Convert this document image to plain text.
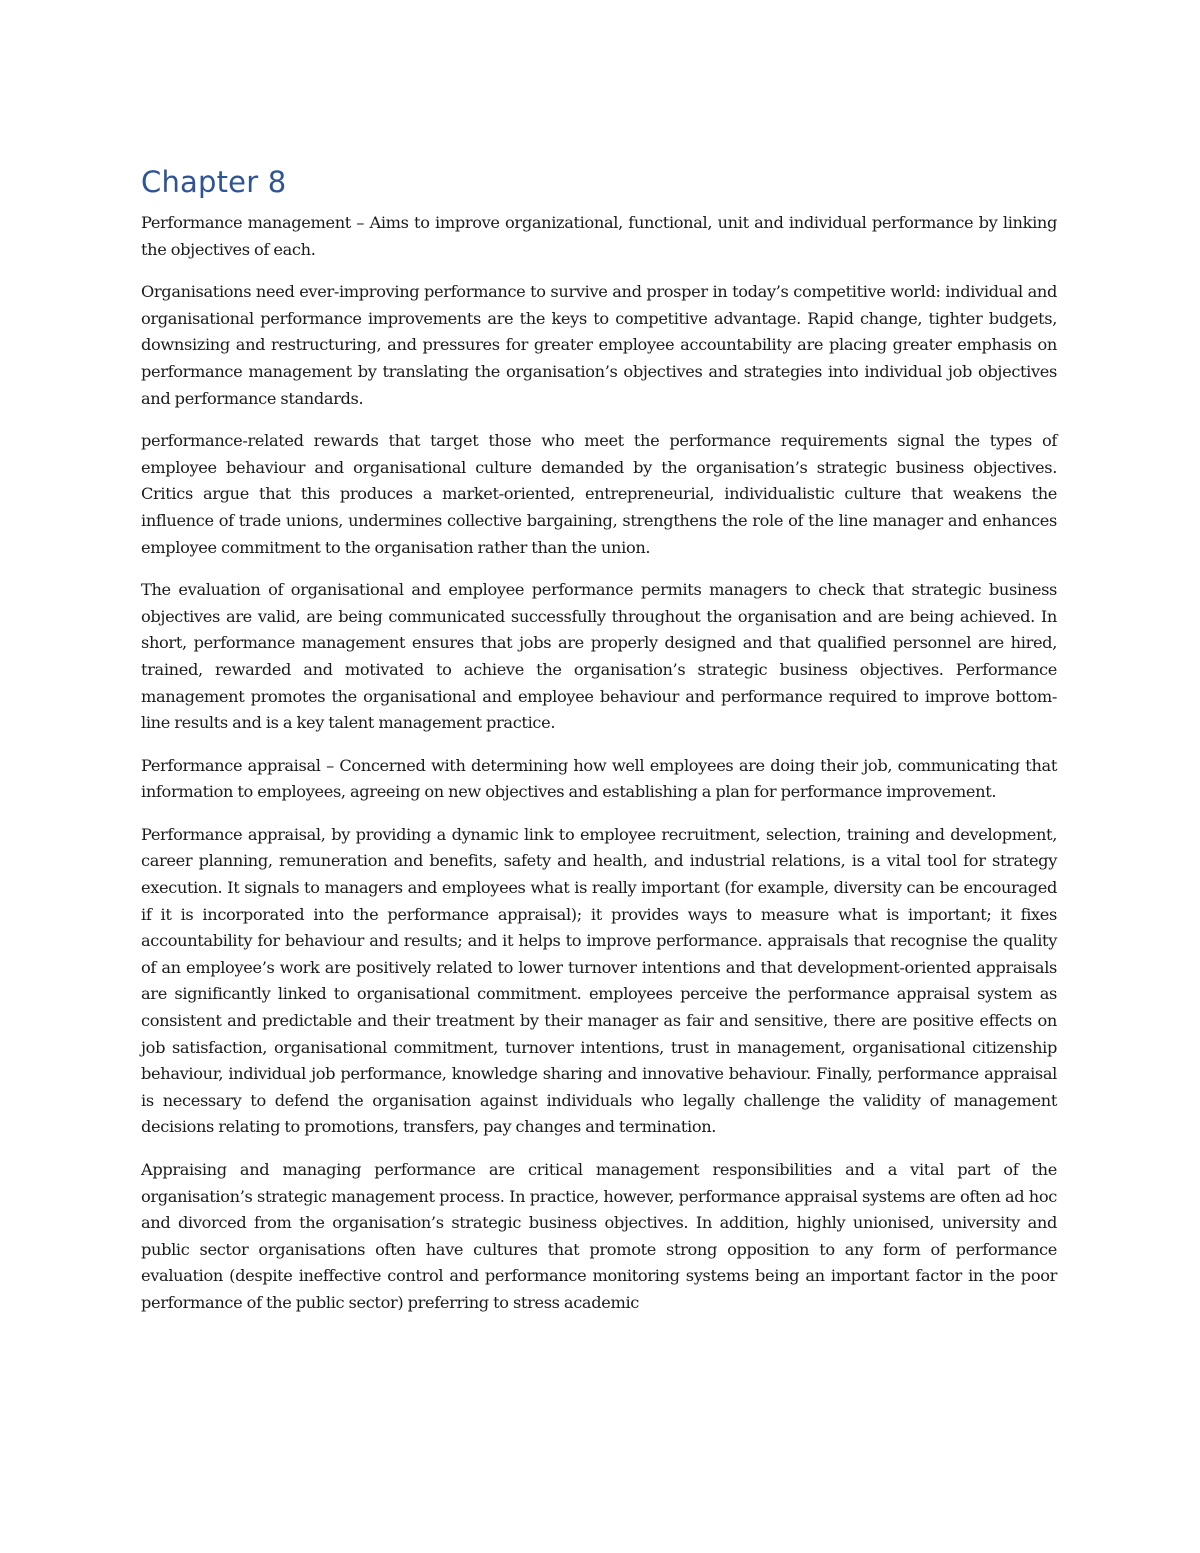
Chapter 8

Performance management – Aims to improve organizational, functional, unit and individual performance by linking the objectives of each.

Organisations need ever-improving performance to survive and prosper in today’s competitive world: individual and organisational performance improvements are the keys to competitive advantage. Rapid change, tighter budgets, downsizing and restructuring, and pressures for greater employee accountability are placing greater emphasis on performance management by translating the organisation’s objectives and strategies into individual job objectives and performance standards.

performance-related rewards that target those who meet the performance requirements signal the types of employee behaviour and organisational culture demanded by the organisation’s strategic business objectives. Critics argue that this produces a market-oriented, entrepreneurial, individualistic culture that weakens the influence of trade unions, undermines collective bargaining, strengthens the role of the line manager and enhances employee commitment to the organisation rather than the union.

The evaluation of organisational and employee performance permits managers to check that strategic business objectives are valid, are being communicated successfully throughout the organisation and are being achieved. In short, performance management ensures that jobs are properly designed and that qualified personnel are hired, trained, rewarded and motivated to achieve the organisation’s strategic business objectives. Performance management promotes the organisational and employee behaviour and performance required to improve bottom-line results and is a key talent management practice.

Performance appraisal – Concerned with determining how well employees are doing their job, communicating that information to employees, agreeing on new objectives and establishing a plan for performance improvement.

Performance appraisal, by providing a dynamic link to employee recruitment, selection, training and development, career planning, remuneration and benefits, safety and health, and industrial relations, is a vital tool for strategy execution. It signals to managers and employees what is really important (for example, diversity can be encouraged if it is incorporated into the performance appraisal); it provides ways to measure what is important; it fixes accountability for behaviour and results; and it helps to improve performance. appraisals that recognise the quality of an employee’s work are positively related to lower turnover intentions and that development-oriented appraisals are significantly linked to organisational commitment. employees perceive the performance appraisal system as consistent and predictable and their treatment by their manager as fair and sensitive, there are positive effects on job satisfaction, organisational commitment, turnover intentions, trust in management, organisational citizenship behaviour, individual job performance, knowledge sharing and innovative behaviour. Finally, performance appraisal is necessary to defend the organisation against individuals who legally challenge the validity of management decisions relating to promotions, transfers, pay changes and termination.

Appraising and managing performance are critical management responsibilities and a vital part of the organisation’s strategic management process. In practice, however, performance appraisal systems are often ad hoc and divorced from the organisation’s strategic business objectives. In addition, highly unionised, university and public sector organisations often have cultures that promote strong opposition to any form of performance evaluation (despite ineffective control and performance monitoring systems being an important factor in the poor performance of the public sector) preferring to stress academic
